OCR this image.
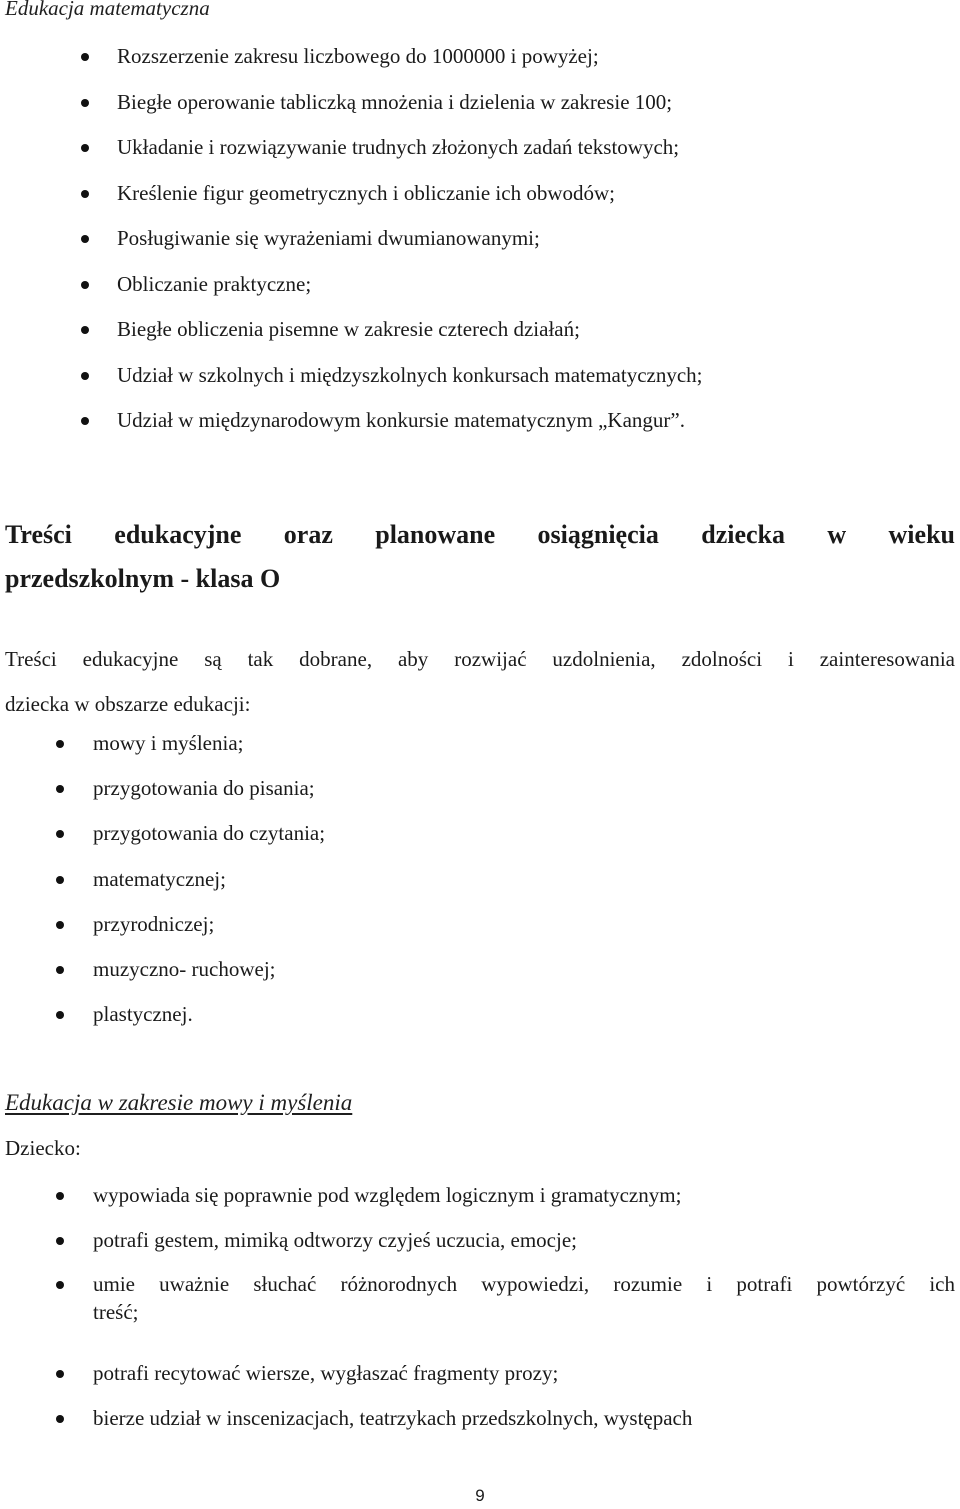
Edukacja matematyczna
Rozszerzenie zakresu liczbowego do 1000000 i powyżej;
Biegłe operowanie tabliczką mnożenia i dzielenia w zakresie 100;
Układanie i rozwiązywanie trudnych złożonych zadań tekstowych;
Kreślenie figur geometrycznych i obliczanie ich obwodów;
Posługiwanie się wyrażeniami dwumianowanymi;
Obliczanie praktyczne;
Biegłe obliczenia pisemne w zakresie czterech działań;
Udział w szkolnych i międzyszkolnych konkursach matematycznych;
Udział w międzynarodowym konkursie matematycznym „Kangur”.
Treści edukacyjne oraz planowane osiągnięcia dziecka w wieku
przedszkolnym - klasa O
Treści edukacyjne są tak dobrane, aby rozwijać uzdolnienia, zdolności i zainteresowania
dziecka w obszarze edukacji:
mowy i myślenia;
przygotowania do pisania;
przygotowania do czytania;
matematycznej;
przyrodniczej;
muzyczno- ruchowej;
plastycznej.
Edukacja w zakresie mowy i myślenia
Dziecko:
wypowiada się poprawnie pod względem logicznym i gramatycznym;
potrafi gestem, mimiką odtworzy czyjeś uczucia, emocje;
umie uważnie słuchać różnorodnych wypowiedzi, rozumie i potrafi powtórzyć ich
treść;
potrafi recytować wiersze, wygłaszać fragmenty prozy;
bierze udział w inscenizacjach, teatrzykach przedszkolnych, występach
9
